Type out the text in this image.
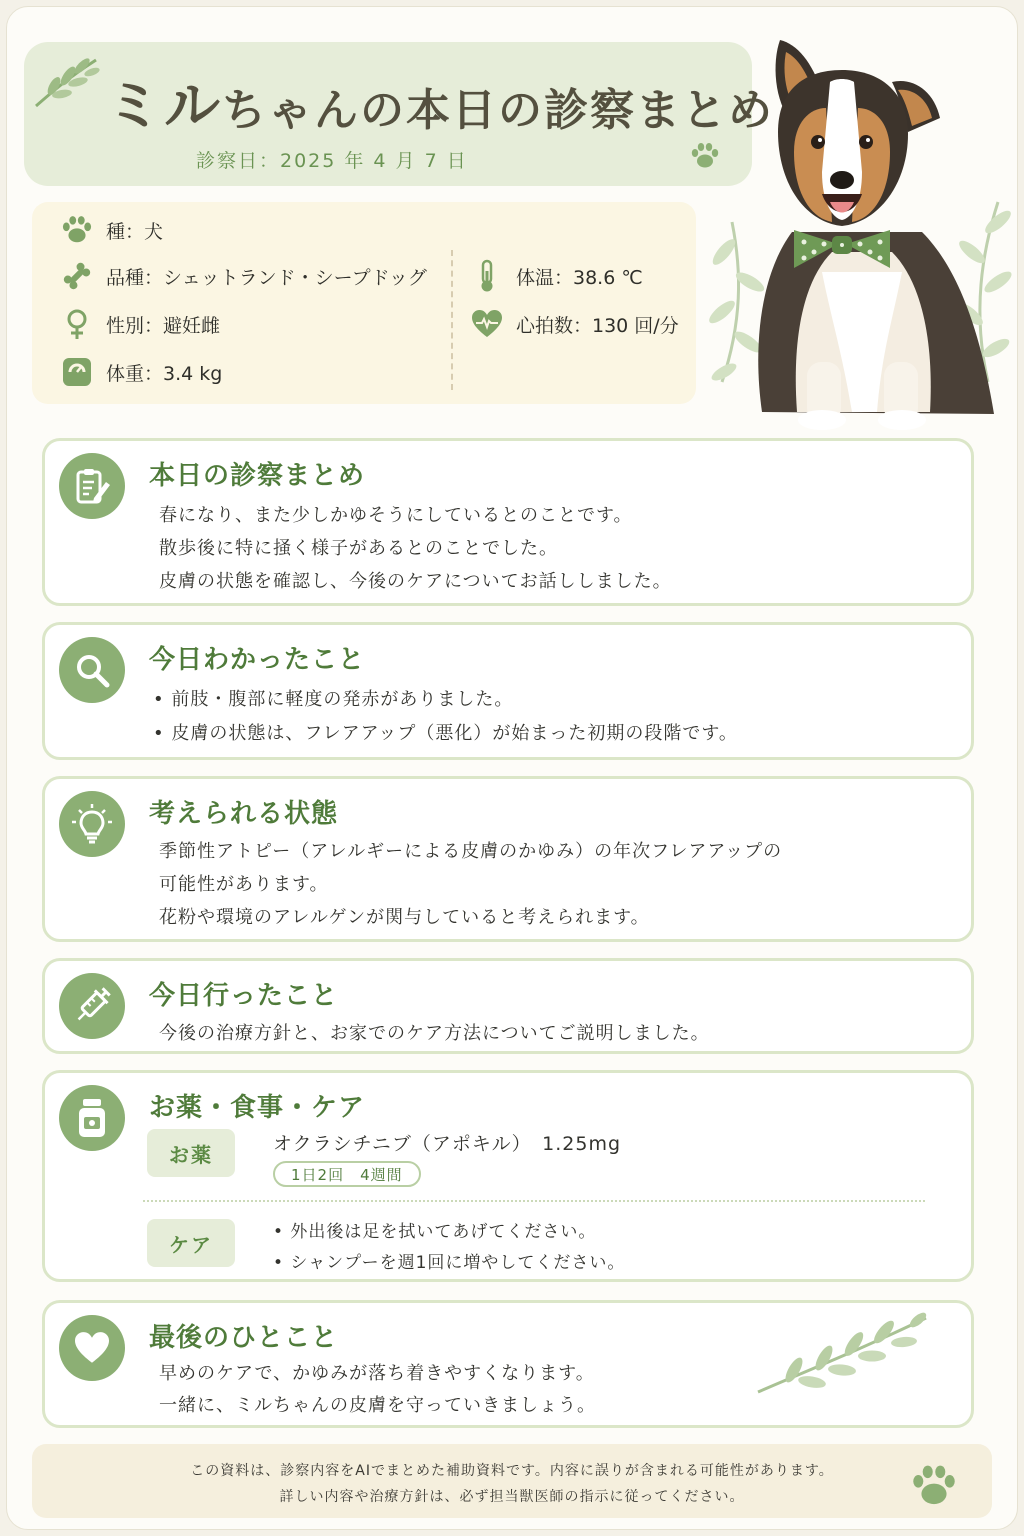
ミルちゃんの本日の診察まとめ
診察日：2025 年 4 月 7 日
種：犬
品種：シェットランド・シープドッグ
性別：避妊雌
体重：3.4 kg
体温：38.6 ℃
心拍数：130 回/分
本日の診察まとめ
春になり、また少しかゆそうにしているとのことです。
散歩後に特に掻く様子があるとのことでした。
皮膚の状態を確認し、今後のケアについてお話ししました。
今日わかったこと
• 前肢・腹部に軽度の発赤がありました。
• 皮膚の状態は、フレアアップ（悪化）が始まった初期の段階です。
考えられる状態
季節性アトピー（アレルギーによる皮膚のかゆみ）の年次フレアアップの
可能性があります。
花粉や環境のアレルゲンが関与していると考えられます。
今日行ったこと
今後の治療方針と、お家でのケア方法についてご説明しました。
お薬・食事・ケア
お薬	オクラシチニブ（アポキル）　1.25mg
1日2回　4週間
ケア
• 外出後は足を拭いてあげてください。
• シャンプーを週1回に増やしてください。
最後のひとこと
早めのケアで、かゆみが落ち着きやすくなります。
一緒に、ミルちゃんの皮膚を守っていきましょう。
この資料は、診察内容をAIでまとめた補助資料です。内容に誤りが含まれる可能性があります。
詳しい内容や治療方針は、必ず担当獣医師の指示に従ってください。
